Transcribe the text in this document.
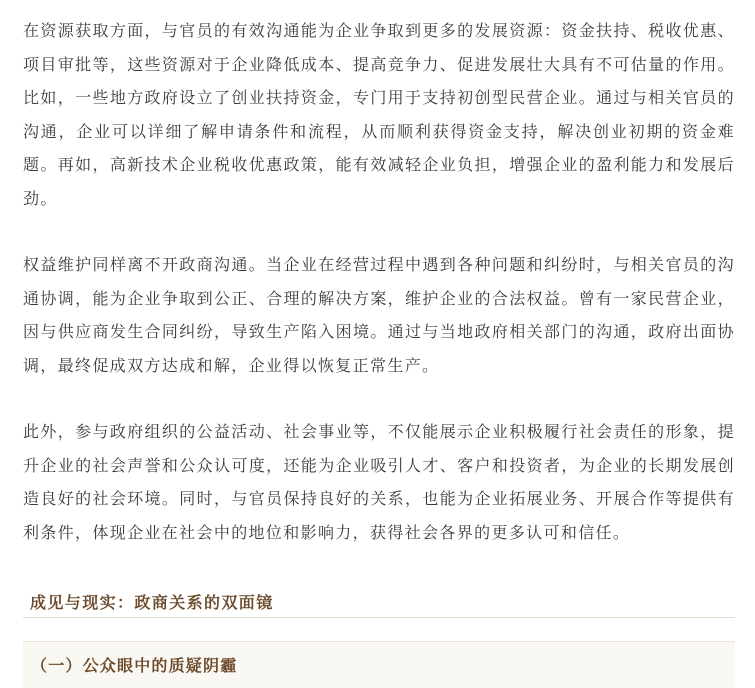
在资源获取方面，与官员的有效沟通能为企业争取到更多的发展资源：资金扶持、税收优惠、项目审批等，这些资源对于企业降低成本、提高竞争力、促进发展壮大具有不可估量的作用。比如，一些地方政府设立了创业扶持资金，专门用于支持初创型民营企业。通过与相关官员的沟通，企业可以详细了解申请条件和流程，从而顺利获得资金支持，解决创业初期的资金难题。再如，高新技术企业税收优惠政策，能有效减轻企业负担，增强企业的盈利能力和发展后劲。

权益维护同样离不开政商沟通。当企业在经营过程中遇到各种问题和纠纷时，与相关官员的沟通协调，能为企业争取到公正、合理的解决方案，维护企业的合法权益。曾有一家民营企业，因与供应商发生合同纠纷，导致生产陷入困境。通过与当地政府相关部门的沟通，政府出面协调，最终促成双方达成和解，企业得以恢复正常生产。

此外，参与政府组织的公益活动、社会事业等，不仅能展示企业积极履行社会责任的形象，提升企业的社会声誉和公众认可度，还能为企业吸引人才、客户和投资者，为企业的长期发展创造良好的社会环境。同时，与官员保持良好的关系，也能为企业拓展业务、开展合作等提供有利条件，体现企业在社会中的地位和影响力，获得社会各界的更多认可和信任。

成见与现实：政商关系的双面镜
（一）公众眼中的质疑阴霾
